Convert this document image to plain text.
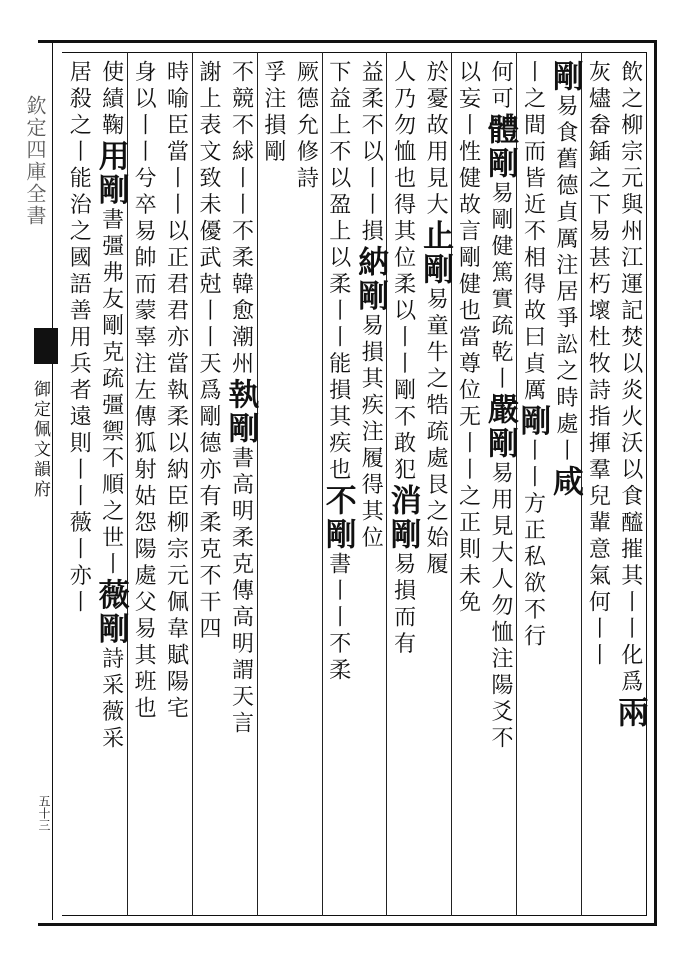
欽定四庫全書
御定佩文韻府
五十三
飲之柳宗元與州江運記焚以炎火沃以食醯摧其丨丨化爲兩
灰燼畚鍤之下易甚朽壞杜牧詩指揮羣兒輩意氣何丨丨
剛易食舊德貞厲注居爭訟之時處丨咸
丨之間而皆近不相得故曰貞厲剛丨丨方正私欲不行
何可體剛易剛健篤實疏乾丨嚴剛易用見大人勿恤注陽爻不
以妄丨性健故言剛健也當尊位无丨丨之正則未免
於憂故用見大止剛易童牛之牿疏處艮之始履
人乃勿恤也得其位柔以丨丨剛不敢犯消剛易損而有
益柔不以丨丨損納剛易損其疾注履得其位
下益上不以盈上以柔丨丨能損其疾也不剛書丨丨不柔
厥德允修詩
孚注損剛
不競不絿丨丨不柔韓愈潮州執剛書高明柔克傳高明謂天言
謝上表文致未優武尅丨丨天爲剛德亦有柔克不干四
時喻臣當丨丨以正君君亦當執柔以納臣柳宗元佩韋賦陽宅
身以丨丨兮卒易帥而蒙辜注左傳狐射姑怨陽處父易其班也
使績鞠用剛書彊弗友剛克疏彊禦不順之世丨薇剛詩采薇采
居殺之丨能治之國語善用兵者遠則丨丨薇丨亦丨
